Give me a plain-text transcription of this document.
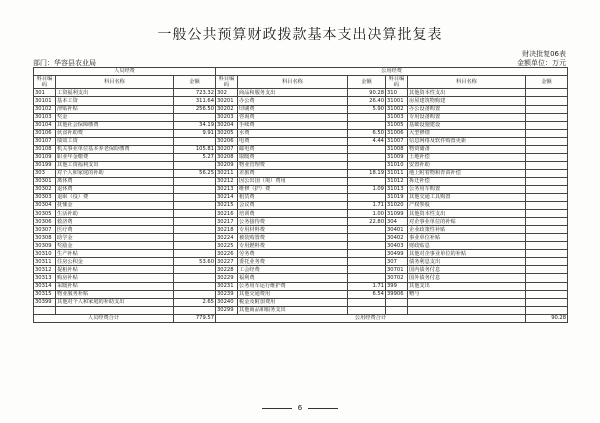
一般公共预算财政拨款基本支出决算批复表
财决批复06表
金额单位：万元
部门：华容县农业局
人员经费			公用经费					
科目编码	科目名称	金额	科目编码	科目名称	金额	科目编码	科目名称	金额
301	工资福利支出	723.32	302	商品和服务支出	90.28	310	其他资本性支出	
30101	基本工资	311.64	30201	办公费	26.40	31001	房屋建筑物购建	
30102	津贴补贴	256.50	30202	印刷费	5.90	31002	办公设备购置	
30103	奖金		30203	咨询费		31003	专用设备购置	
30104	其他社会保障缴费	34.19	30204	手续费		31005	基础设施建设	
30106	伙食补助费	9.91	30205	水费	6.50	31006	大型修缮	
30107	绩效工资		30206	电费	4.44	31007	信息网络及软件购置更新	
30108	机关事业单位基本养老保险缴费	105.81	30207	邮电费		31008	物资储备	
30109	职业年金缴费	5.27	30208	取暖费		31009	土地补偿	
30199	其他工资福利支出		30209	物业管理费		31010	安置补助	
303	对个人和家庭的补助	56.25	30211	差旅费	18.19	31011	地上附着物和青苗补偿	
30301	离休费		30212	因公出国（境）费用		31012	拆迁补偿	
30302	退休费		30213	维修（护）费	1.09	31013	公务用车购置	
30303	退职（役）费		30214	租赁费		31019	其他交通工具购置	
30304	抚恤金		30215	会议费	1.71	31020	产权参股	
30305	生活补助		30216	培训费	1.00	31099	其他资本性支出	
30306	救济费		30217	公务接待费	22.80	304	对企事业单位的补贴	
30307	医疗费		30218	专用材料费		30401	企业政策性补贴	
30308	助学金		30224	被装购置费		30402	事业单位补贴	
30309	奖励金		30225	专用燃料费		30403	财政贴息	
30310	生产补贴		30226	劳务费		30499	其他对企事业单位的补贴	
30311	住房公积金	53.60	30227	委托业务费		307	债务利息支出	
30312	提租补贴		30228	工会经费		30701	国内债务付息	
30313	购房补贴		30229	福利费		30702	国外债务付息	
30314	采暖补贴		30231	公务用车运行维护费	1.71	399	其他支出	
30315	物业服务补贴		30239	其他交通费用	6.54	39906	赠与	
30399	其他对个人和家庭的补助支出	2.65	30240	税金及附加费用				
			30299	其他商品和服务支出				
人员经费合计		779.57	公用经费合计					90.28
6
